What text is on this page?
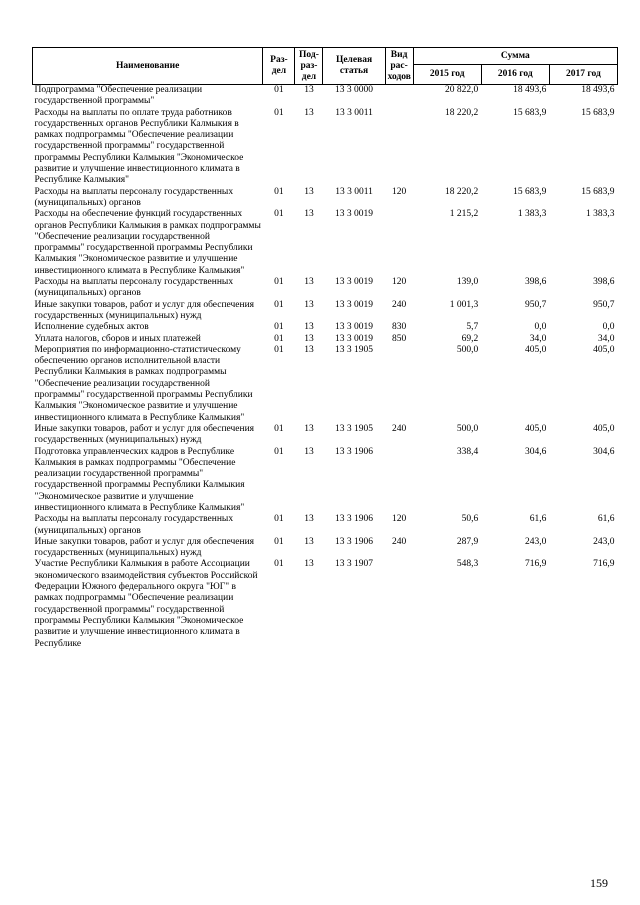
Наименование	Раз- дел	Под- раз- дел	Целевая статья	Вид рас- ходов	Сумма		
					2015 год	2016 год	2017 год
Подпрограмма "Обеспечение реализации государственной программы"	01	13	13 3 0000		20 822,0	18 493,6	18 493,6
Расходы на выплаты по оплате труда работников государственных органов Республики Калмыкия в рамках подпрограммы "Обеспечение реализации государственной программы" государственной программы Республики Калмыкия "Экономическое развитие и улучшение инвестиционного климата в Республике Калмыкия"	01	13	13 3 0011		18 220,2	15 683,9	15 683,9
Расходы на выплаты персоналу государственных (муниципальных) органов	01	13	13 3 0011	120	18 220,2	15 683,9	15 683,9
Расходы на обеспечение функций государственных органов Республики Калмыкия в рамках подпрограммы "Обеспечение реализации государственной программы" государственной программы Республики Калмыкия "Экономическое развитие и улучшение инвестиционного климата в Республике Калмыкия"	01	13	13 3 0019		1 215,2	1 383,3	1 383,3
Расходы на выплаты персоналу государственных (муниципальных) органов	01	13	13 3 0019	120	139,0	398,6	398,6
Иные закупки товаров, работ и услуг для обеспечения государственных (муниципальных) нужд	01	13	13 3 0019	240	1 001,3	950,7	950,7
Исполнение судебных актов	01	13	13 3 0019	830	5,7	0,0	0,0
Уплата налогов, сборов и иных платежей	01	13	13 3 0019	850	69,2	34,0	34,0
Мероприятия по информационно-статистическому обеспечению органов исполнительной власти Республики Калмыкия в рамках подпрограммы "Обеспечение реализации государственной программы" государственной программы Республики Калмыкия "Экономическое развитие и улучшение инвестиционного климата в Республике Калмыкия"	01	13	13 3 1905		500,0	405,0	405,0
Иные закупки товаров, работ и услуг для обеспечения государственных (муниципальных) нужд	01	13	13 3 1905	240	500,0	405,0	405,0
Подготовка управленческих кадров в Республике Калмыкия в рамках подпрограммы "Обеспечение реализации государственной программы" государственной программы Республики Калмыкия "Экономическое развитие и улучшение инвестиционного климата в Республике Калмыкия"	01	13	13 3 1906		338,4	304,6	304,6
Расходы на выплаты персоналу государственных (муниципальных) органов	01	13	13 3 1906	120	50,6	61,6	61,6
Иные закупки товаров, работ и услуг для обеспечения государственных (муниципальных) нужд	01	13	13 3 1906	240	287,9	243,0	243,0
Участие Республики Калмыкия в работе Ассоциации экономического взаимодействия субъектов Российской Федерации Южного федерального округа "ЮГ" в рамках подпрограммы "Обеспечение реализации государственной программы" государственной программы Республики Калмыкия "Экономическое развитие и улучшение инвестиционного климата в Республике	01	13	13 3 1907		548,3	716,9	716,9
159
